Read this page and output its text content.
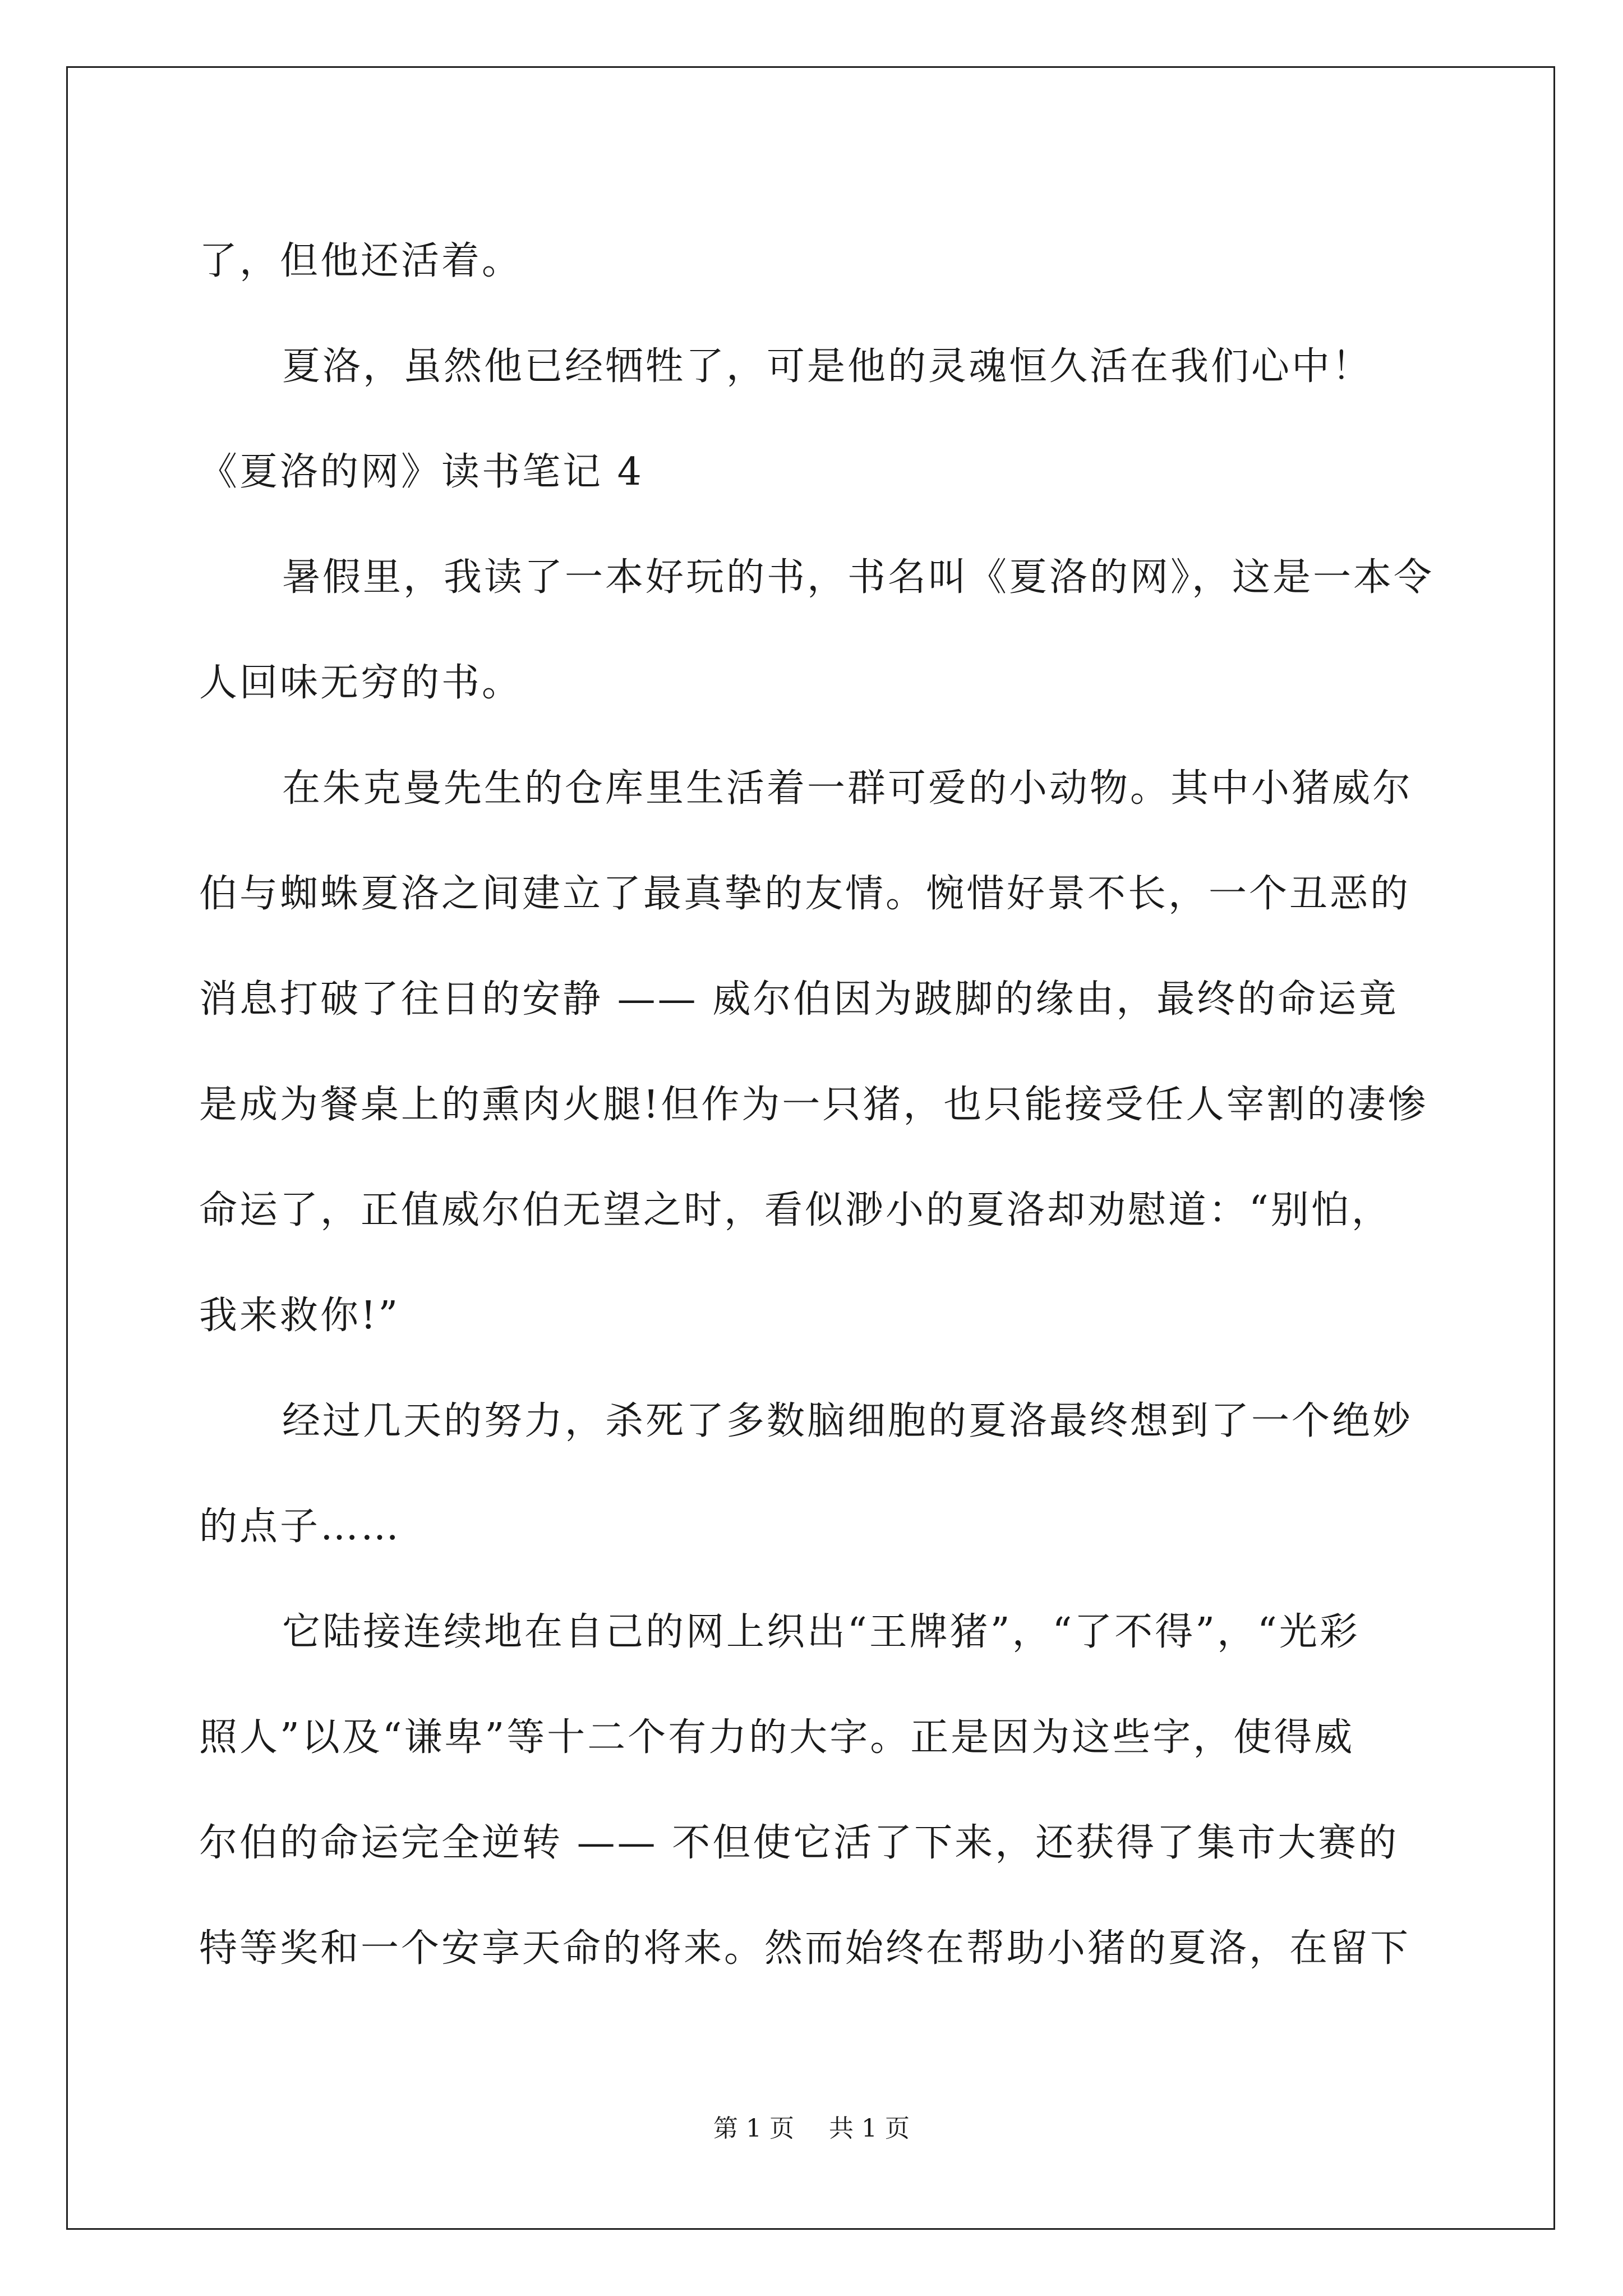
了，但他还活着。
夏洛，虽然他已经牺牲了，可是他的灵魂恒久活在我们心中！
《夏洛的网》读书笔记 4
暑假里，我读了一本好玩的书，书名叫《夏洛的网》，这是一本令
人回味无穷的书。
在朱克曼先生的仓库里生活着一群可爱的小动物。其中小猪威尔
伯与蜘蛛夏洛之间建立了最真挚的友情。惋惜好景不长，一个丑恶的
消息打破了往日的安静 —— 威尔伯因为跛脚的缘由，最终的命运竟
是成为餐桌上的熏肉火腿!但作为一只猪，也只能接受任人宰割的凄惨
命运了，正值威尔伯无望之时，看似渺小的夏洛却劝慰道：“别怕，
我来救你!”
经过几天的努力，杀死了多数脑细胞的夏洛最终想到了一个绝妙
的点子……
它陆接连续地在自己的网上织出“王牌猪”，“了不得”，“光彩
照人”以及“谦卑”等十二个有力的大字。正是因为这些字，使得威
尔伯的命运完全逆转 —— 不但使它活了下来，还获得了集市大赛的
特等奖和一个安享天命的将来。然而始终在帮助小猪的夏洛，在留下
第 1 页 共 1 页
